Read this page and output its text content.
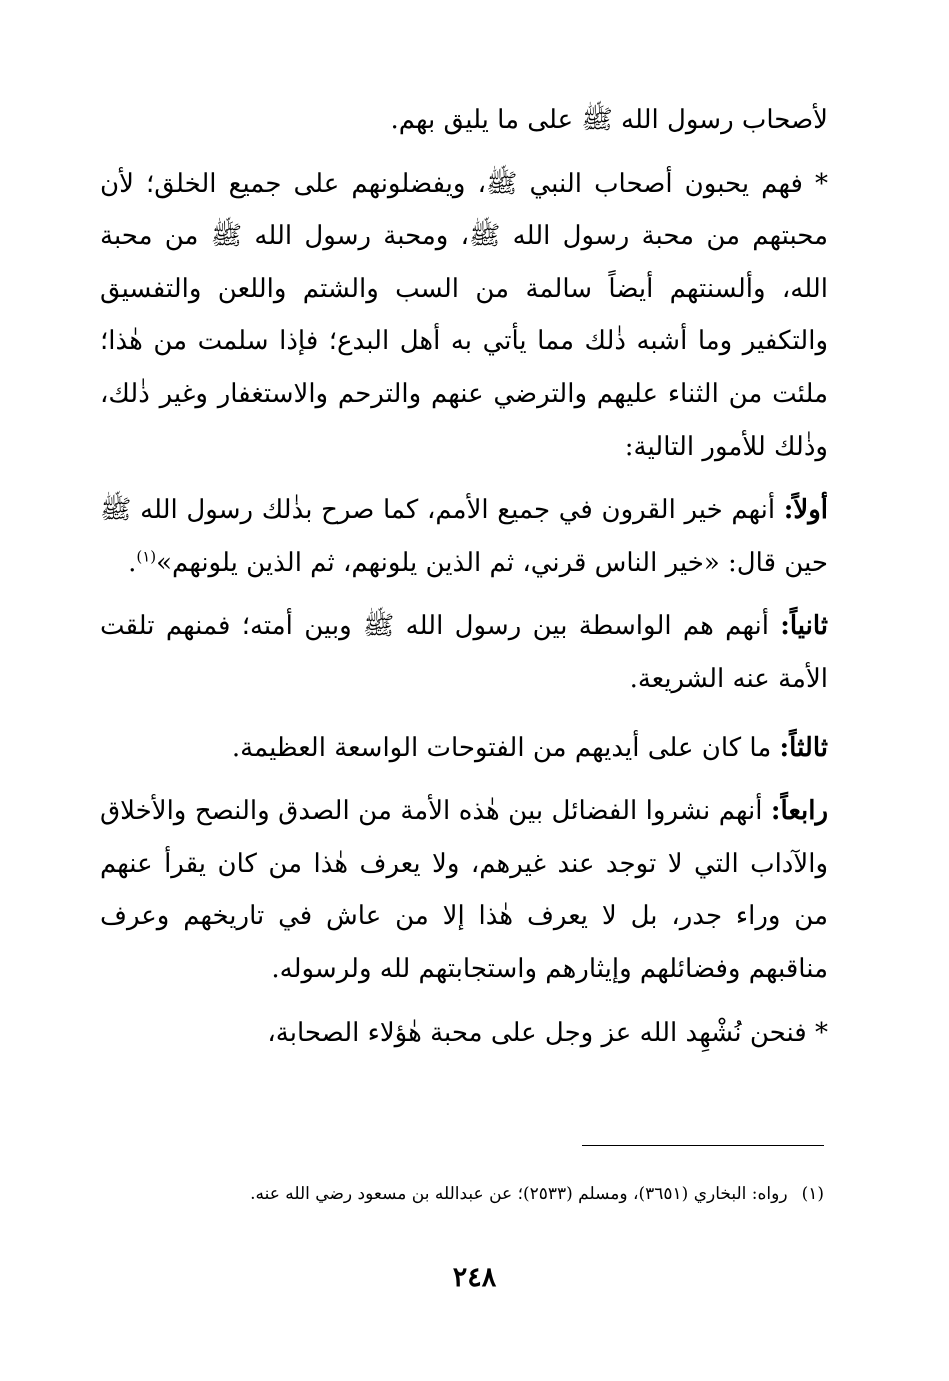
لأصحاب رسول الله ﷺ على ما يليق بهم.

* فهم يحبون أصحاب النبي ﷺ، ويفضلونهم على جميع الخلق؛ لأن محبتهم من محبة رسول الله ﷺ، ومحبة رسول الله ﷺ من محبة الله، وألسنتهم أيضاً سالمة من السب والشتم واللعن والتفسيق والتكفير وما أشبه ذٰلك مما يأتي به أهل البدع؛ فإذا سلمت من هٰذا؛ ملئت من الثناء عليهم والترضي عنهم والترحم والاستغفار وغير ذٰلك، وذٰلك للأمور التالية:

أولاً: أنهم خير القرون في جميع الأمم، كما صرح بذٰلك رسول الله ﷺ حين قال: «خير الناس قرني، ثم الذين يلونهم، ثم الذين يلونهم»$^{(١)}$.

ثانياً: أنهم هم الواسطة بين رسول الله ﷺ وبين أمته؛ فمنهم تلقت الأمة عنه الشريعة.

ثالثاً: ما كان على أيديهم من الفتوحات الواسعة العظيمة.

رابعاً: أنهم نشروا الفضائل بين هٰذه الأمة من الصدق والنصح والأخلاق والآداب التي لا توجد عند غيرهم، ولا يعرف هٰذا من كان يقرأ عنهم من وراء جدر، بل لا يعرف هٰذا إلا من عاش في تاريخهم وعرف مناقبهم وفضائلهم وإيثارهم واستجابتهم لله ولرسوله.

* فنحن نُشْهِد الله عز وجل على محبة هٰؤلاء الصحابة،

(١)رواه: البخاري (٣٦٥١)، ومسلم (٢٥٣٣)؛ عن عبدالله بن مسعود رضي الله عنه.
٢٤٨
